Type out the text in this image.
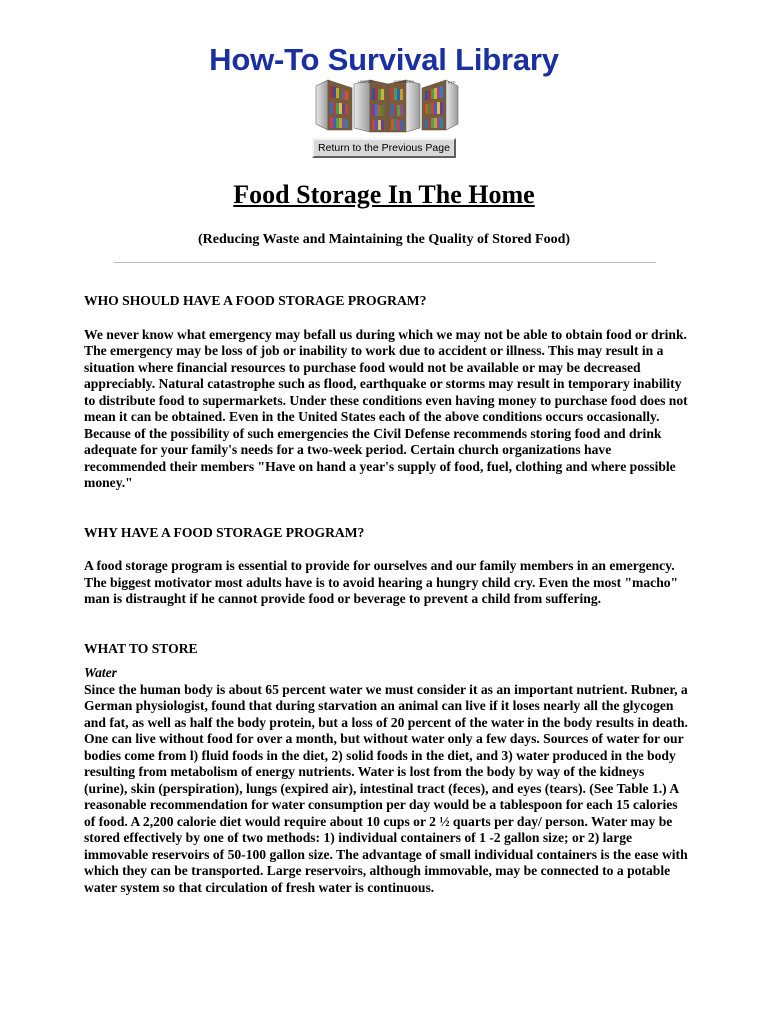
How-To Survival Library
USENET	GOPHERS	FTP
Return to the Previous Page
Food Storage In The Home

(Reducing Waste and Maintaining the Quality of Stored Food)

WHO SHOULD HAVE A FOOD STORAGE PROGRAM?
We never know what emergency may befall us during which we may not be able to obtain food or drink. The emergency may be loss of job or inability to work due to accident or illness. This may result in a situation where financial resources to purchase food would not be available or may be decreased appreciably. Natural catastrophe such as flood, earthquake or storms may result in temporary inability to distribute food to supermarkets. Under these conditions even having money to purchase food does not mean it can be obtained. Even in the United States each of the above conditions occurs occasionally. Because of the possibility of such emergencies the Civil Defense recommends storing food and drink adequate for your family's needs for a two-week period. Certain church organizations have recommended their members "Have on hand a year's supply of food, fuel, clothing and where possible money."
WHY HAVE A FOOD STORAGE PROGRAM?
A food storage program is essential to provide for ourselves and our family members in an emergency. The biggest motivator most adults have is to avoid hearing a hungry child cry. Even the most "macho" man is distraught if he cannot provide food or beverage to prevent a child from suffering.
WHAT TO STORE
Water
Since the human body is about 65 percent water we must consider it as an important nutrient. Rubner, a German physiologist, found that during starvation an animal can live if it loses nearly all the glycogen and fat, as well as half the body protein, but a loss of 20 percent of the water in the body results in death. One can live without food for over a month, but without water only a few days. Sources of water for our bodies come from l) fluid foods in the diet, 2) solid foods in the diet, and 3) water produced in the body resulting from metabolism of energy nutrients. Water is lost from the body by way of the kidneys (urine), skin (perspiration), lungs (expired air), intestinal tract (feces), and eyes (tears). (See Table 1.) A reasonable recommendation for water consumption per day would be a tablespoon for each 15 calories of food. A 2,200 calorie diet would require about 10 cups or 2 ½ quarts per day/ person. Water may be stored effectively by one of two methods: 1) individual containers of 1 -2 gallon size; or 2) large immovable reservoirs of 50-100 gallon size. The advantage of small individual containers is the ease with which they can be transported. Large reservoirs, although immovable, may be connected to a potable water system so that circulation of fresh water is continuous.
